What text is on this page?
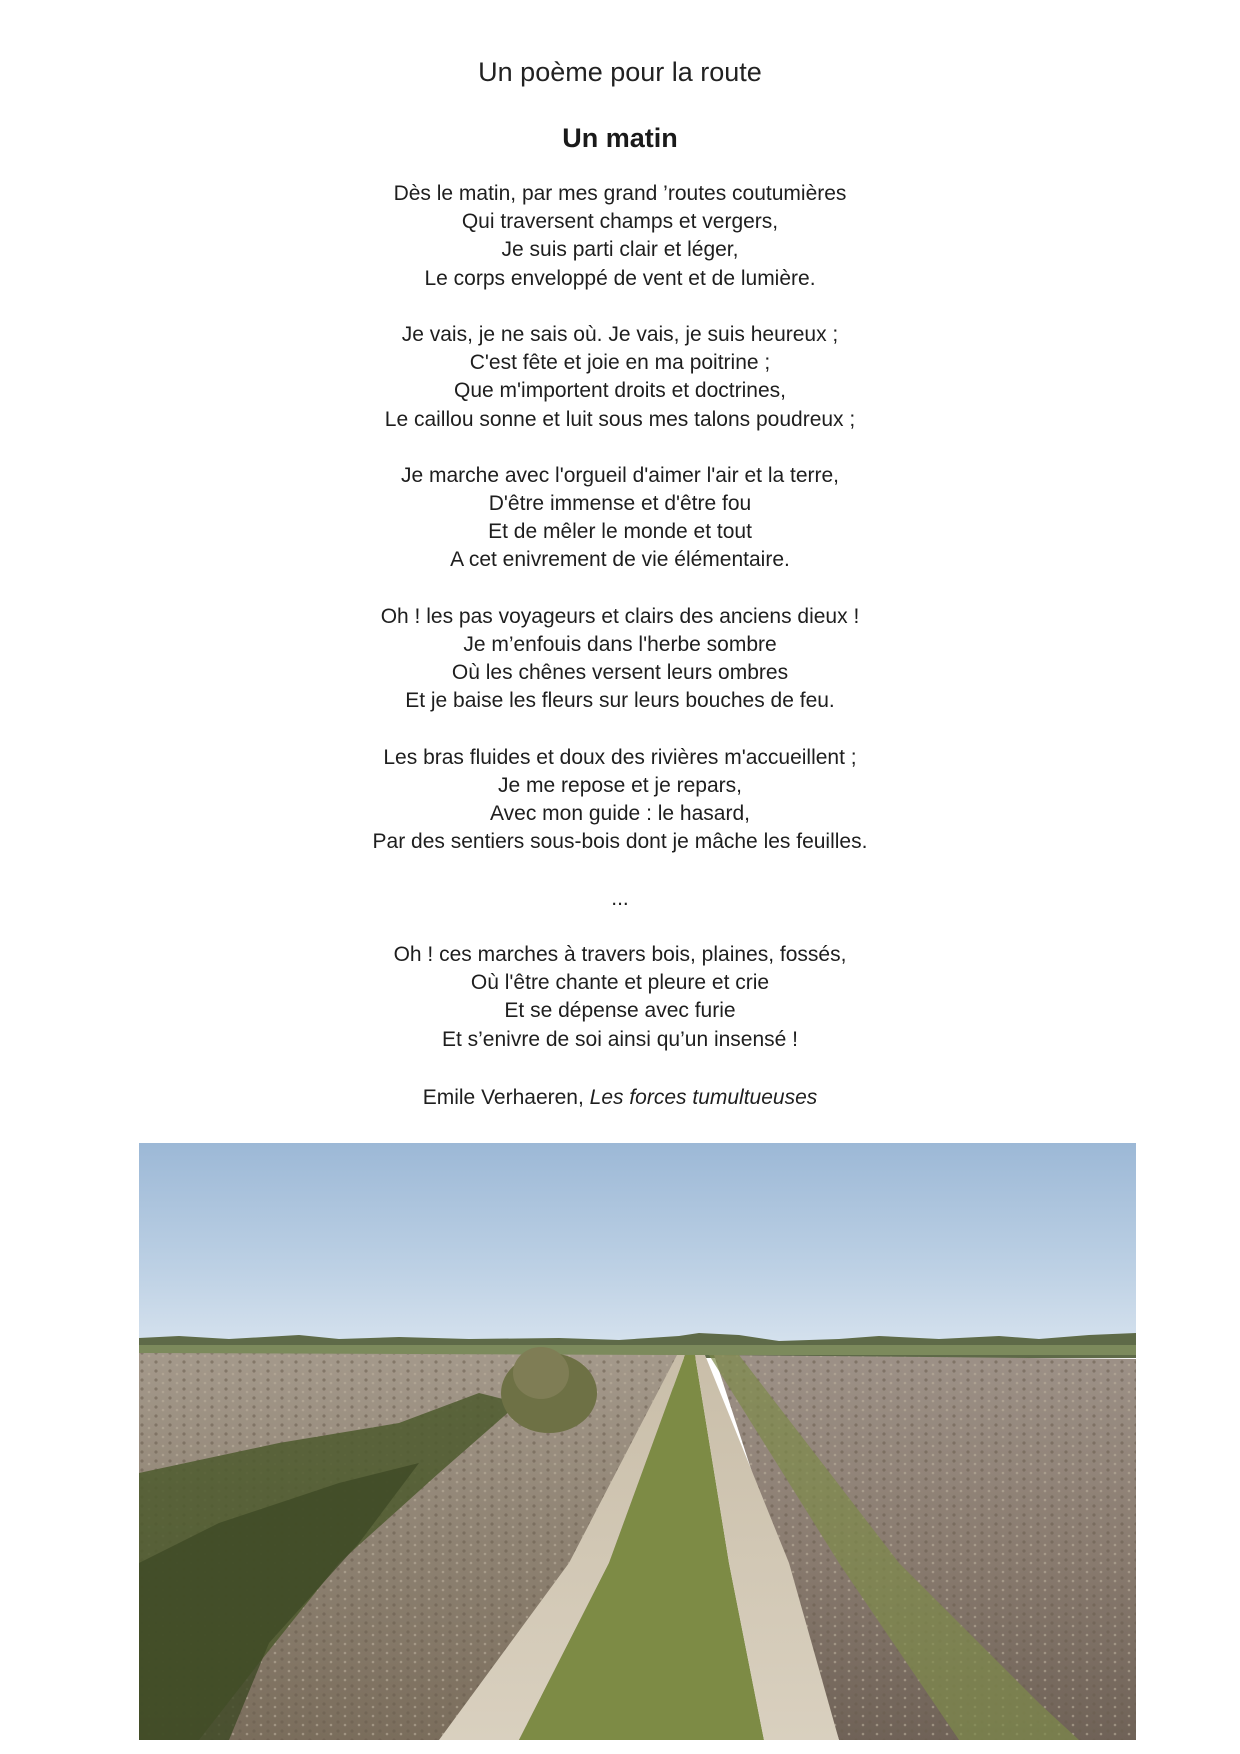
Un poème pour la route
Un matin
Dès le matin, par mes grand ’routes coutumières
Qui traversent champs et vergers,
Je suis parti clair et léger,
Le corps enveloppé de vent et de lumière.
Je vais, je ne sais où. Je vais, je suis heureux ;
C'est fête et joie en ma poitrine ;
Que m'importent droits et doctrines,
Le caillou sonne et luit sous mes talons poudreux ;
Je marche avec l'orgueil d'aimer l'air et la terre,
D'être immense et d'être fou
Et de mêler le monde et tout
A cet enivrement de vie élémentaire.
Oh ! les pas voyageurs et clairs des anciens dieux !
Je m’enfouis dans l'herbe sombre
Où les chênes versent leurs ombres
Et je baise les fleurs sur leurs bouches de feu.
Les bras fluides et doux des rivières m'accueillent ;
Je me repose et je repars,
Avec mon guide : le hasard,
Par des sentiers sous-bois dont je mâche les feuilles.
...
Oh ! ces marches à travers bois, plaines, fossés,
Où l'être chante et pleure et crie
Et se dépense avec furie
Et s’enivre de soi ainsi qu’un insensé !
Emile Verhaeren, Les forces tumultueuses
